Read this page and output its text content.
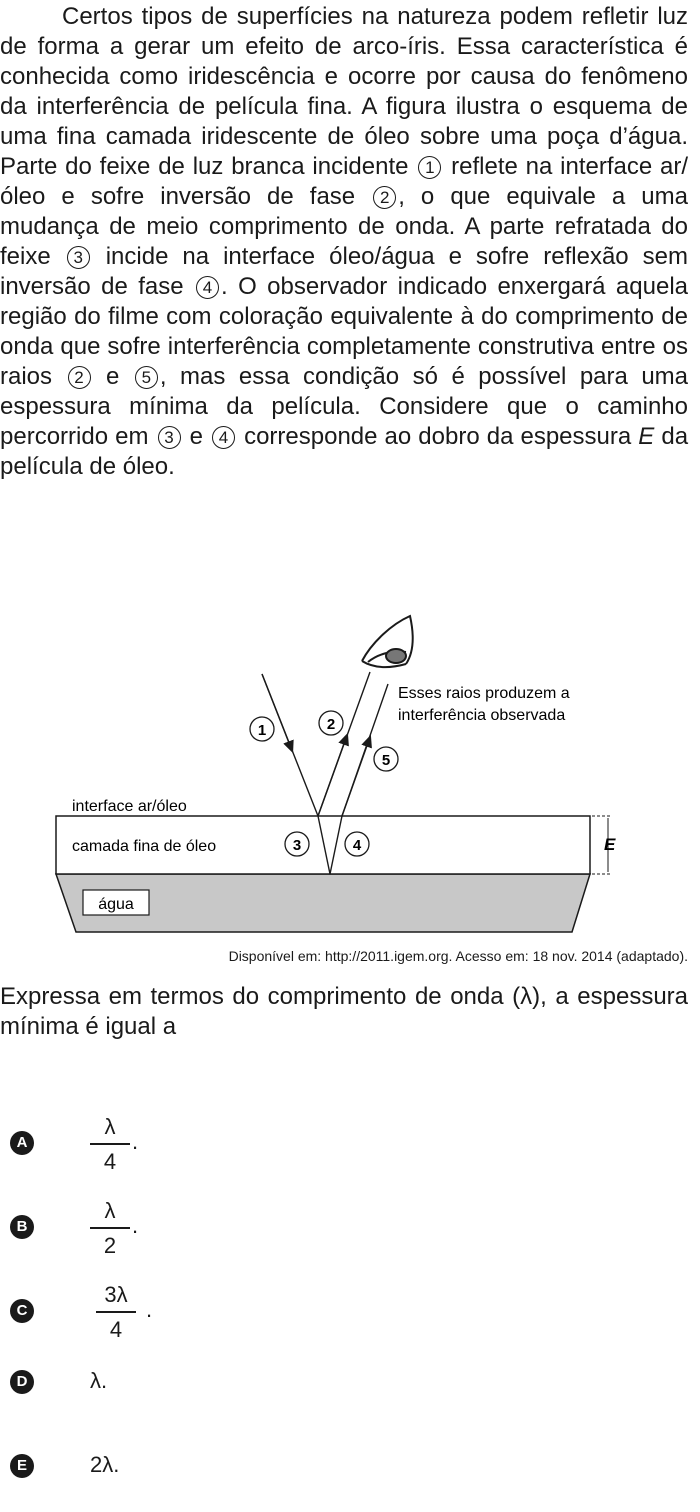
Certos tipos de superfícies na natureza podem refletir luz de forma a gerar um efeito de arco-íris. Essa característica é conhecida como iridescência e ocorre por causa do fenômeno da interferência de película fina. A figura ilustra o esquema de uma fina camada iridescente de óleo sobre uma poça d’água. Parte do feixe de luz branca incidente 1 reflete na interface ar/óleo e sofre inversão de fase 2 , o que equivale a uma mudança de meio comprimento de onda. A parte refratada do feixe 3 incide na interface óleo/água e sofre reflexão sem inversão de fase 4 . O observador indicado enxergará aquela região do filme com coloração equivalente à do comprimento de onda que sofre interferência completamente construtiva entre os raios 2 e 5 , mas essa condição só é possível para uma espessura mínima da película. Considere que o caminho percorrido em 3 e 4 corresponde ao dobro da espessura E da película de óleo.

água
interface ar/óleo
camada fina de óleo	E
1	2
5
3	4
Esses raios produzem a
interferência observada

Disponível em: http://2011.igem.org. Acesso em: 18 nov. 2014 (adaptado).

Expressa em termos do comprimento de onda (λ), a espessura mínima é igual a

A
λ
4
.
B
λ
2
.
C
3λ
4
.
D	λ.
E	2λ.
